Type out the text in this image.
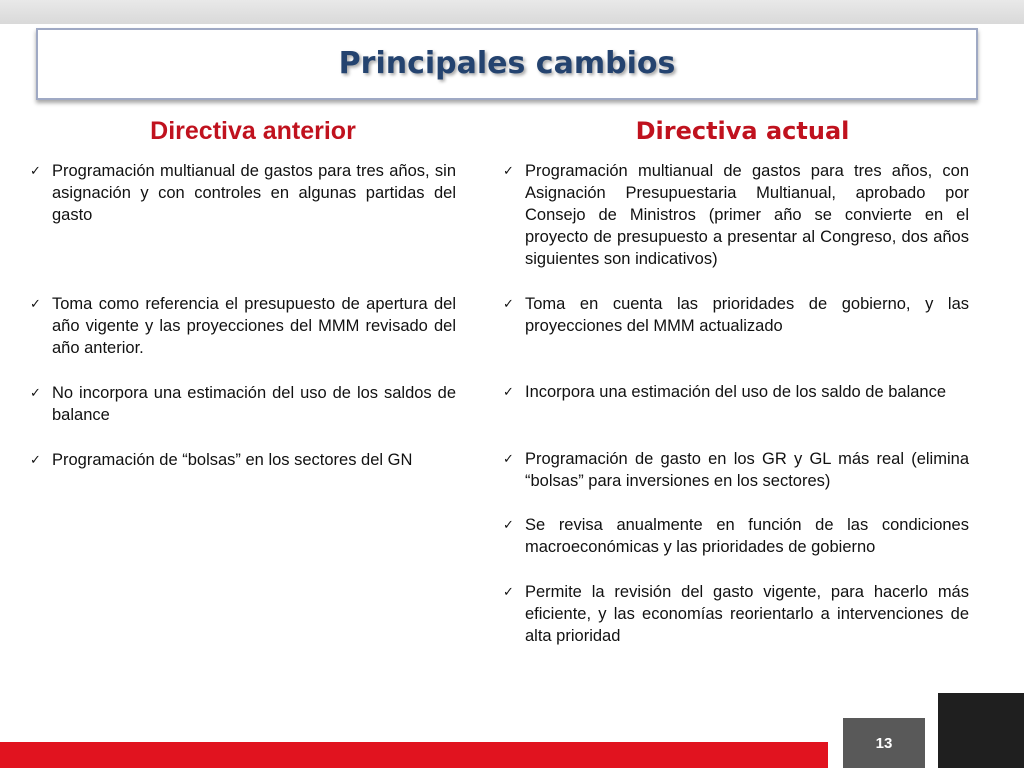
Principales cambios
Directiva anterior	Directiva actual
✓ Programación multianual de gastos para tres años, sin asignación y con controles en algunas partidas del gasto
✓ Toma como referencia el presupuesto de apertura del año vigente y las proyecciones del MMM revisado del año anterior.
✓ No incorpora una estimación del uso de los saldos de balance
✓ Programación de “bolsas” en los sectores del GN
✓ Programación multianual de gastos para tres años, con Asignación Presupuestaria Multianual, aprobado por Consejo de Ministros (primer año se convierte en el proyecto de presupuesto a presentar al Congreso, dos años siguientes son indicativos)
✓ Toma en cuenta las prioridades de gobierno, y las proyecciones del MMM actualizado
✓ Incorpora una estimación del uso de los saldo de balance
✓ Programación de gasto en los GR y GL más real (elimina “bolsas” para inversiones en los sectores)
✓ Se revisa anualmente en función de las condiciones macroeconómicas y las prioridades de gobierno
✓ Permite la revisión del gasto vigente, para hacerlo más eficiente, y las economías reorientarlo a intervenciones de alta prioridad
13
